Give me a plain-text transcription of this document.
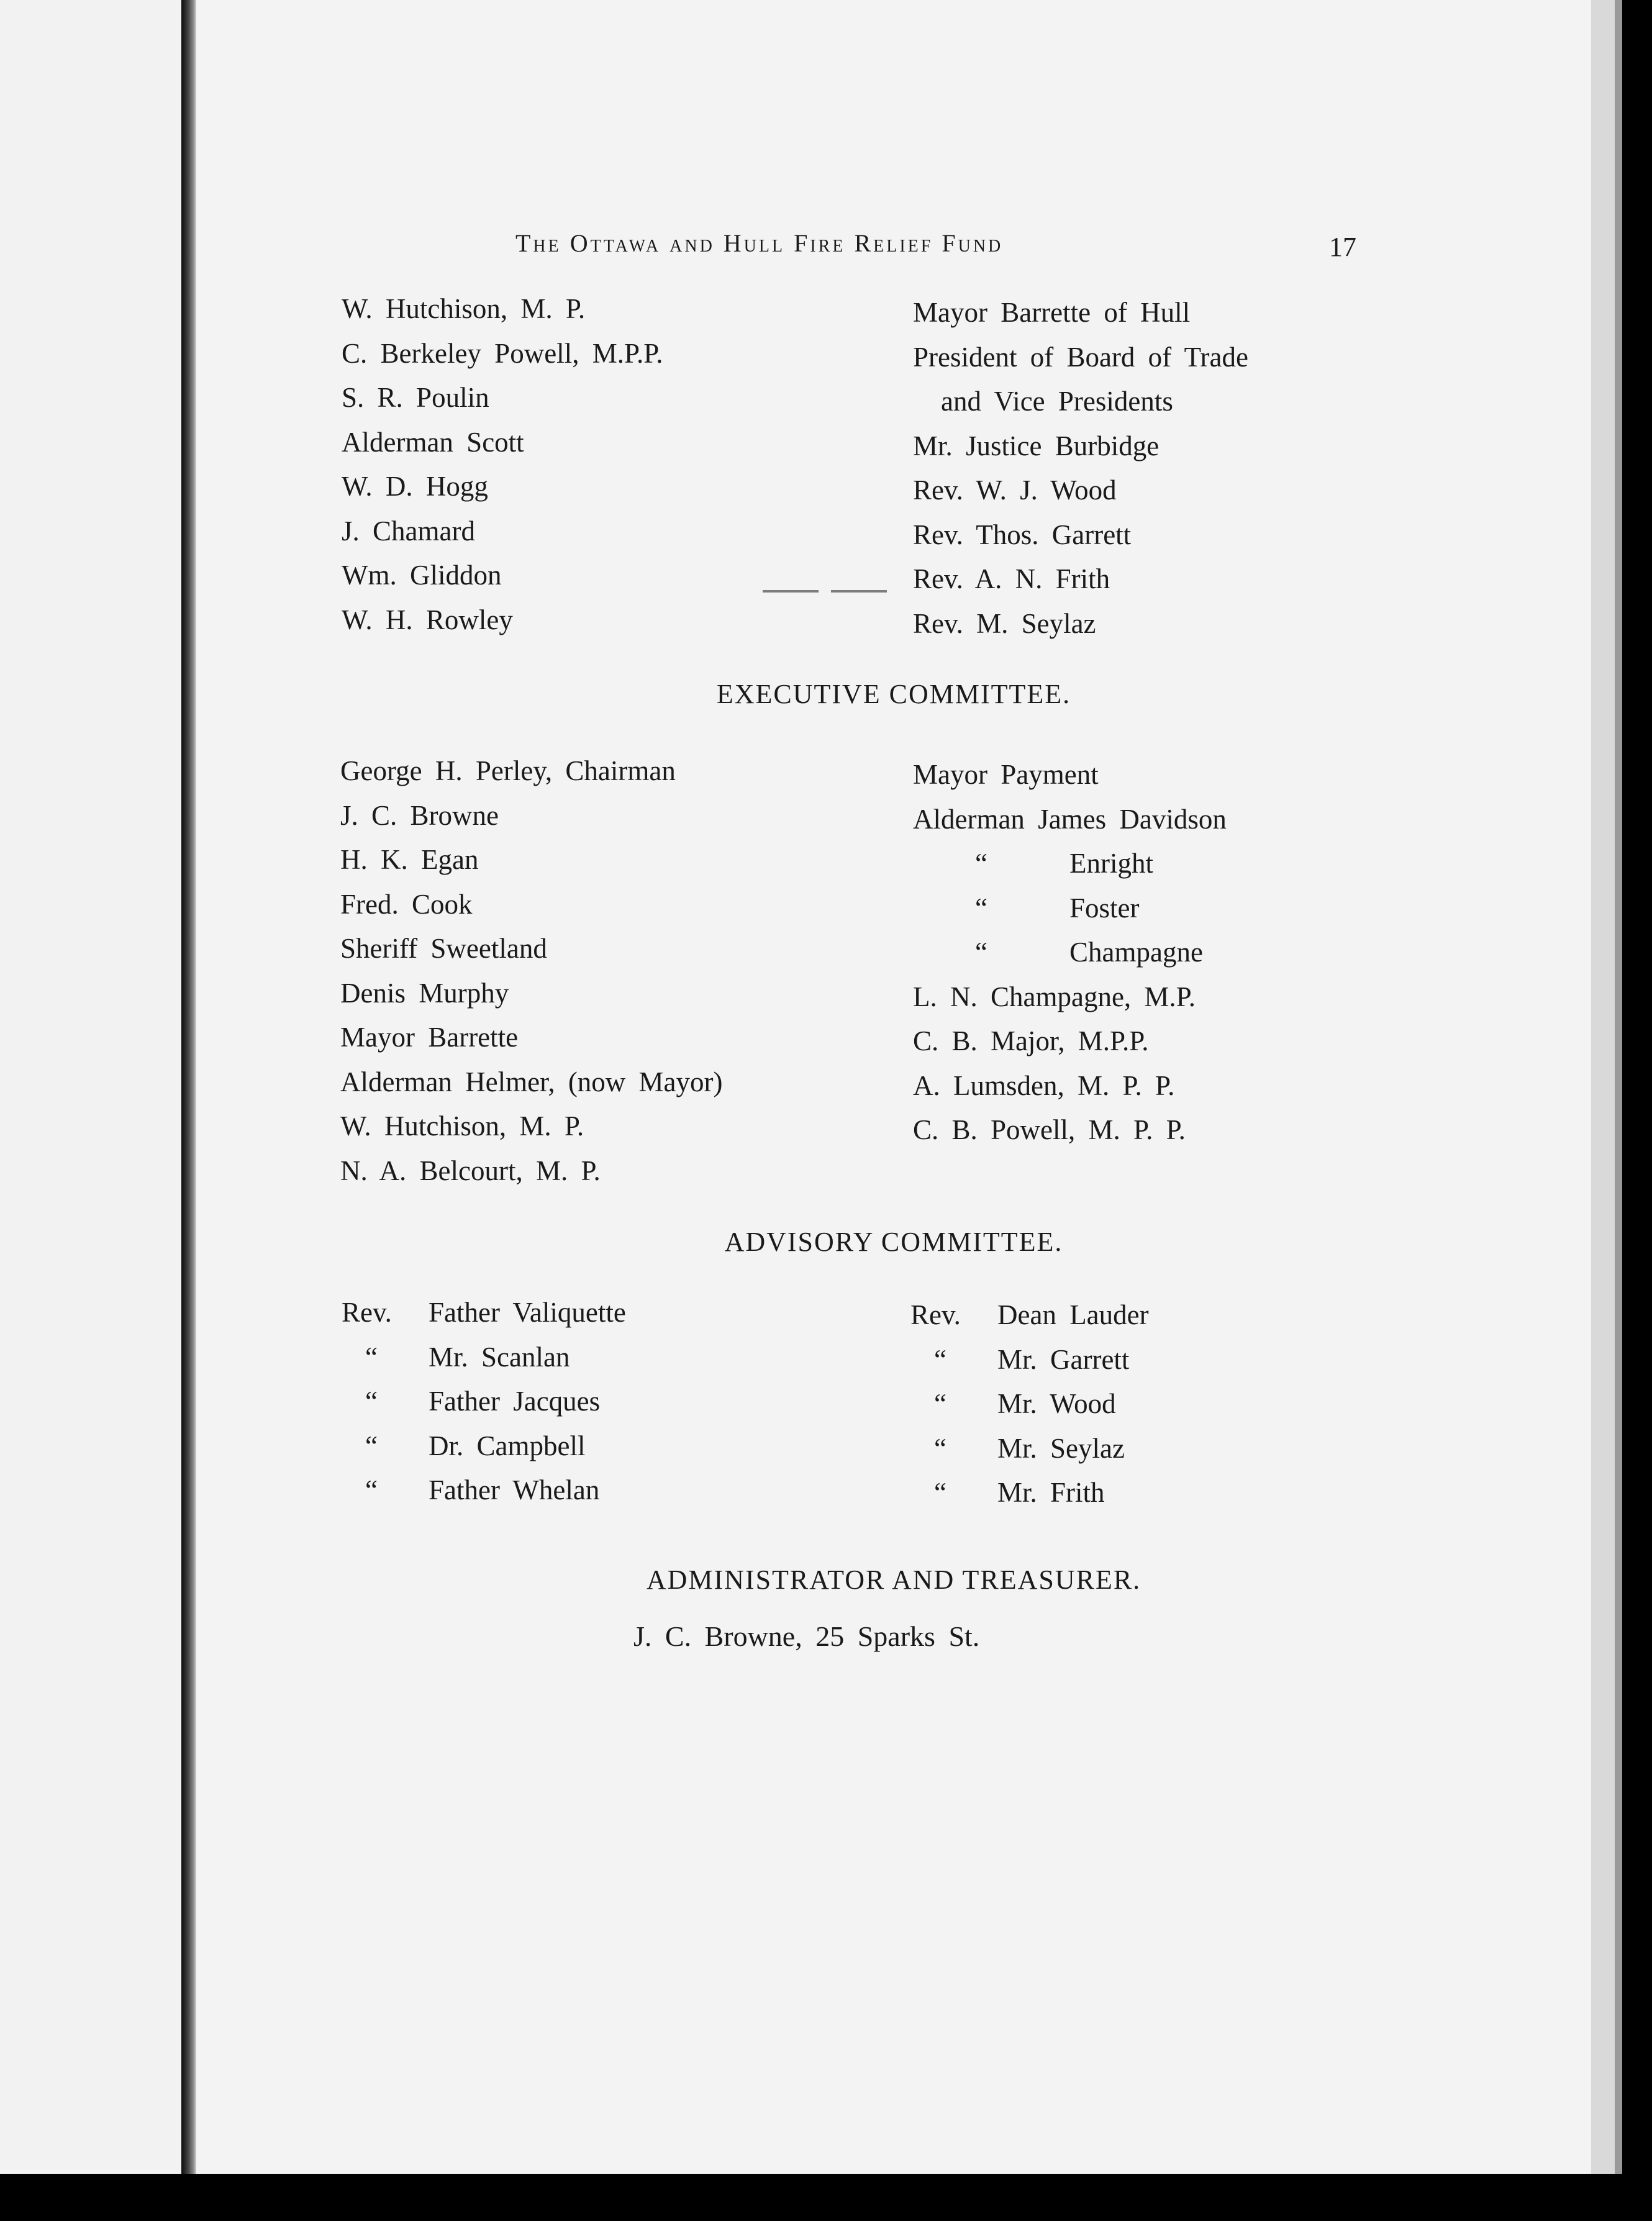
The Ottawa and Hull Fire Relief Fund	17
W. Hutchison, M. P.
C. Berkeley Powell, M.P.P.
S. R. Poulin
Alderman Scott
W. D. Hogg
J. Chamard
Wm. Gliddon
W. H. Rowley
Mayor Barrette of Hull
President of Board of Trade
and Vice Presidents
Mr. Justice Burbidge
Rev. W. J. Wood
Rev. Thos. Garrett
Rev. A. N. Frith
Rev. M. Seylaz
EXECUTIVE COMMITTEE.
George H. Perley, Chairman
J. C. Browne
H. K. Egan
Fred. Cook
Sheriff Sweetland
Denis Murphy
Mayor Barrette
Alderman Helmer, (now Mayor)
W. Hutchison, M. P.
N. A. Belcourt, M. P.
Mayor Payment
Alderman James Davidson
“	Enright
“	Foster
“	Champagne
L. N. Champagne, M.P.
C. B. Major, M.P.P.
A. Lumsden, M. P. P.
C. B. Powell, M. P. P.
ADVISORY COMMITTEE.
Rev. Father Valiquette
“ Mr. Scanlan
“ Father Jacques
“ Dr. Campbell
“ Father Whelan
Rev. Dean Lauder
“ Mr. Garrett
“ Mr. Wood
“ Mr. Seylaz
“ Mr. Frith
ADMINISTRATOR AND TREASURER.
J. C. Browne, 25 Sparks St.
